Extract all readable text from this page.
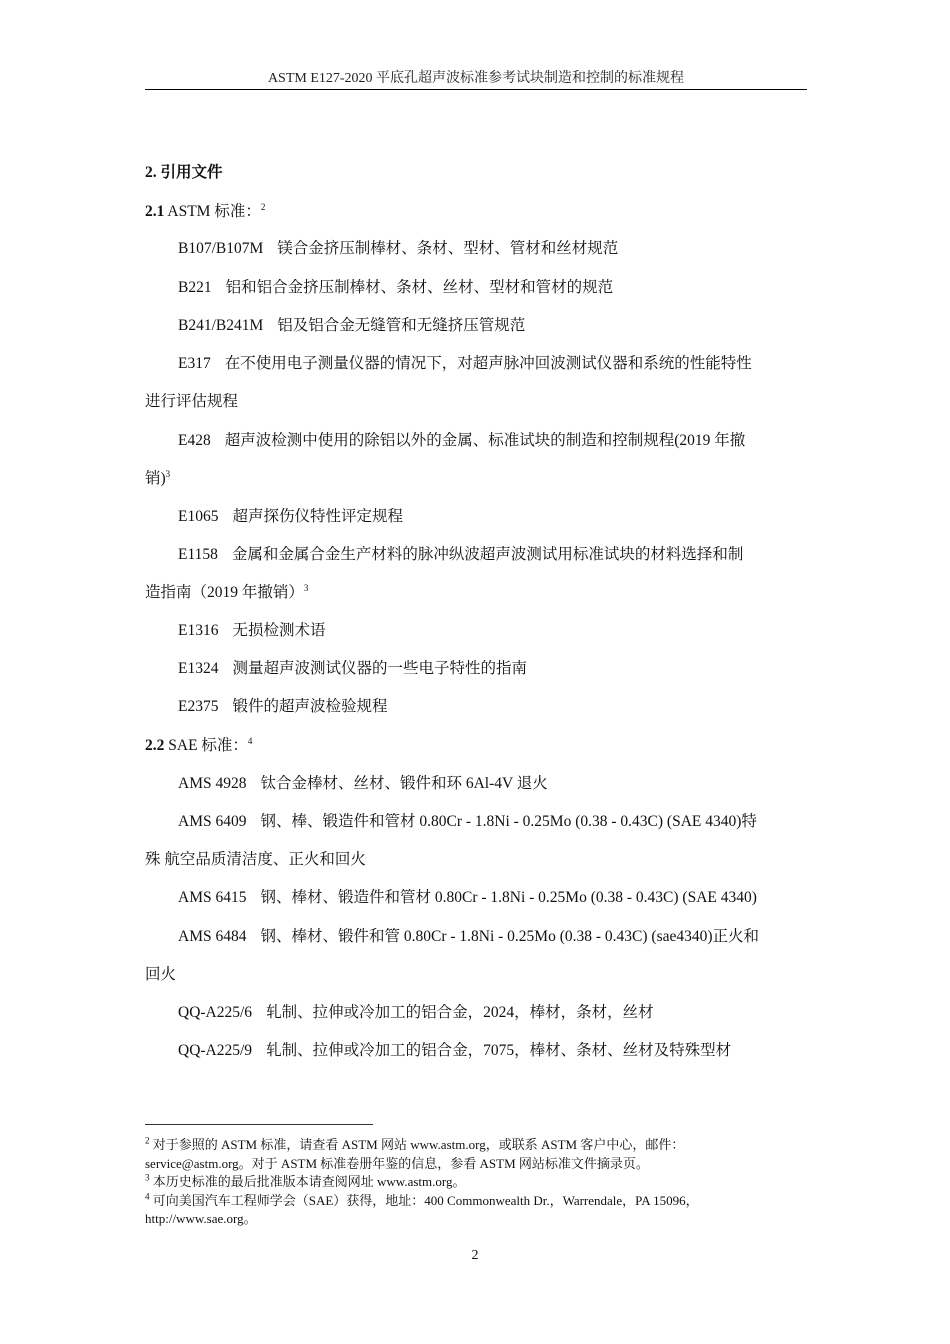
ASTM E127-2020 平底孔超声波标准参考试块制造和控制的标准规程
2. 引用文件
2.1 ASTM 标准：$^2$
B107/B107M 镁合金挤压制棒材、条材、型材、管材和丝材规范
B221 铝和铝合金挤压制棒材、条材、丝材、型材和管材的规范
B241/B241M 铝及铝合金无缝管和无缝挤压管规范
E317 在不使用电子测量仪器的情况下，对超声脉冲回波测试仪器和系统的性能特性
进行评估规程
E428 超声波检测中使用的除铝以外的金属、标准试块的制造和控制规程(2019 年撤
销)$^3$
E1065 超声探伤仪特性评定规程
E1158 金属和金属合金生产材料的脉冲纵波超声波测试用标准试块的材料选择和制
造指南（2019 年撤销）$^3$
E1316 无损检测术语
E1324 测量超声波测试仪器的一些电子特性的指南
E2375 锻件的超声波检验规程
2.2 SAE 标准：$^4$
AMS 4928 钛合金棒材、丝材、锻件和环 6Al-4V 退火
AMS 6409 钢、棒、锻造件和管材 0.80Cr - 1.8Ni - 0.25Mo (0.38 - 0.43C) (SAE 4340)特
殊 航空品质清洁度、正火和回火
AMS 6415 钢、棒材、锻造件和管材 0.80Cr - 1.8Ni - 0.25Mo (0.38 - 0.43C) (SAE 4340)
AMS 6484 钢、棒材、锻件和管 0.80Cr - 1.8Ni - 0.25Mo (0.38 - 0.43C) (sae4340)正火和
回火
QQ-A225/6 轧制、拉伸或冷加工的铝合金，2024，棒材，条材，丝材
QQ-A225/9 轧制、拉伸或冷加工的铝合金，7075，棒材、条材、丝材及特殊型材
$^2$ 对于参照的 ASTM 标准，请查看 ASTM 网站 www.astm.org，或联系 ASTM 客户中心，邮件：
service@astm.org。对于 ASTM 标准卷册年鉴的信息，参看 ASTM 网站标准文件摘录页。
$^3$ 本历史标准的最后批准版本请查阅网址 www.astm.org。
$^4$ 可向美国汽车工程师学会（SAE）获得，地址：400 Commonwealth Dr.，Warrendale，PA 15096，
http://www.sae.org。
2
